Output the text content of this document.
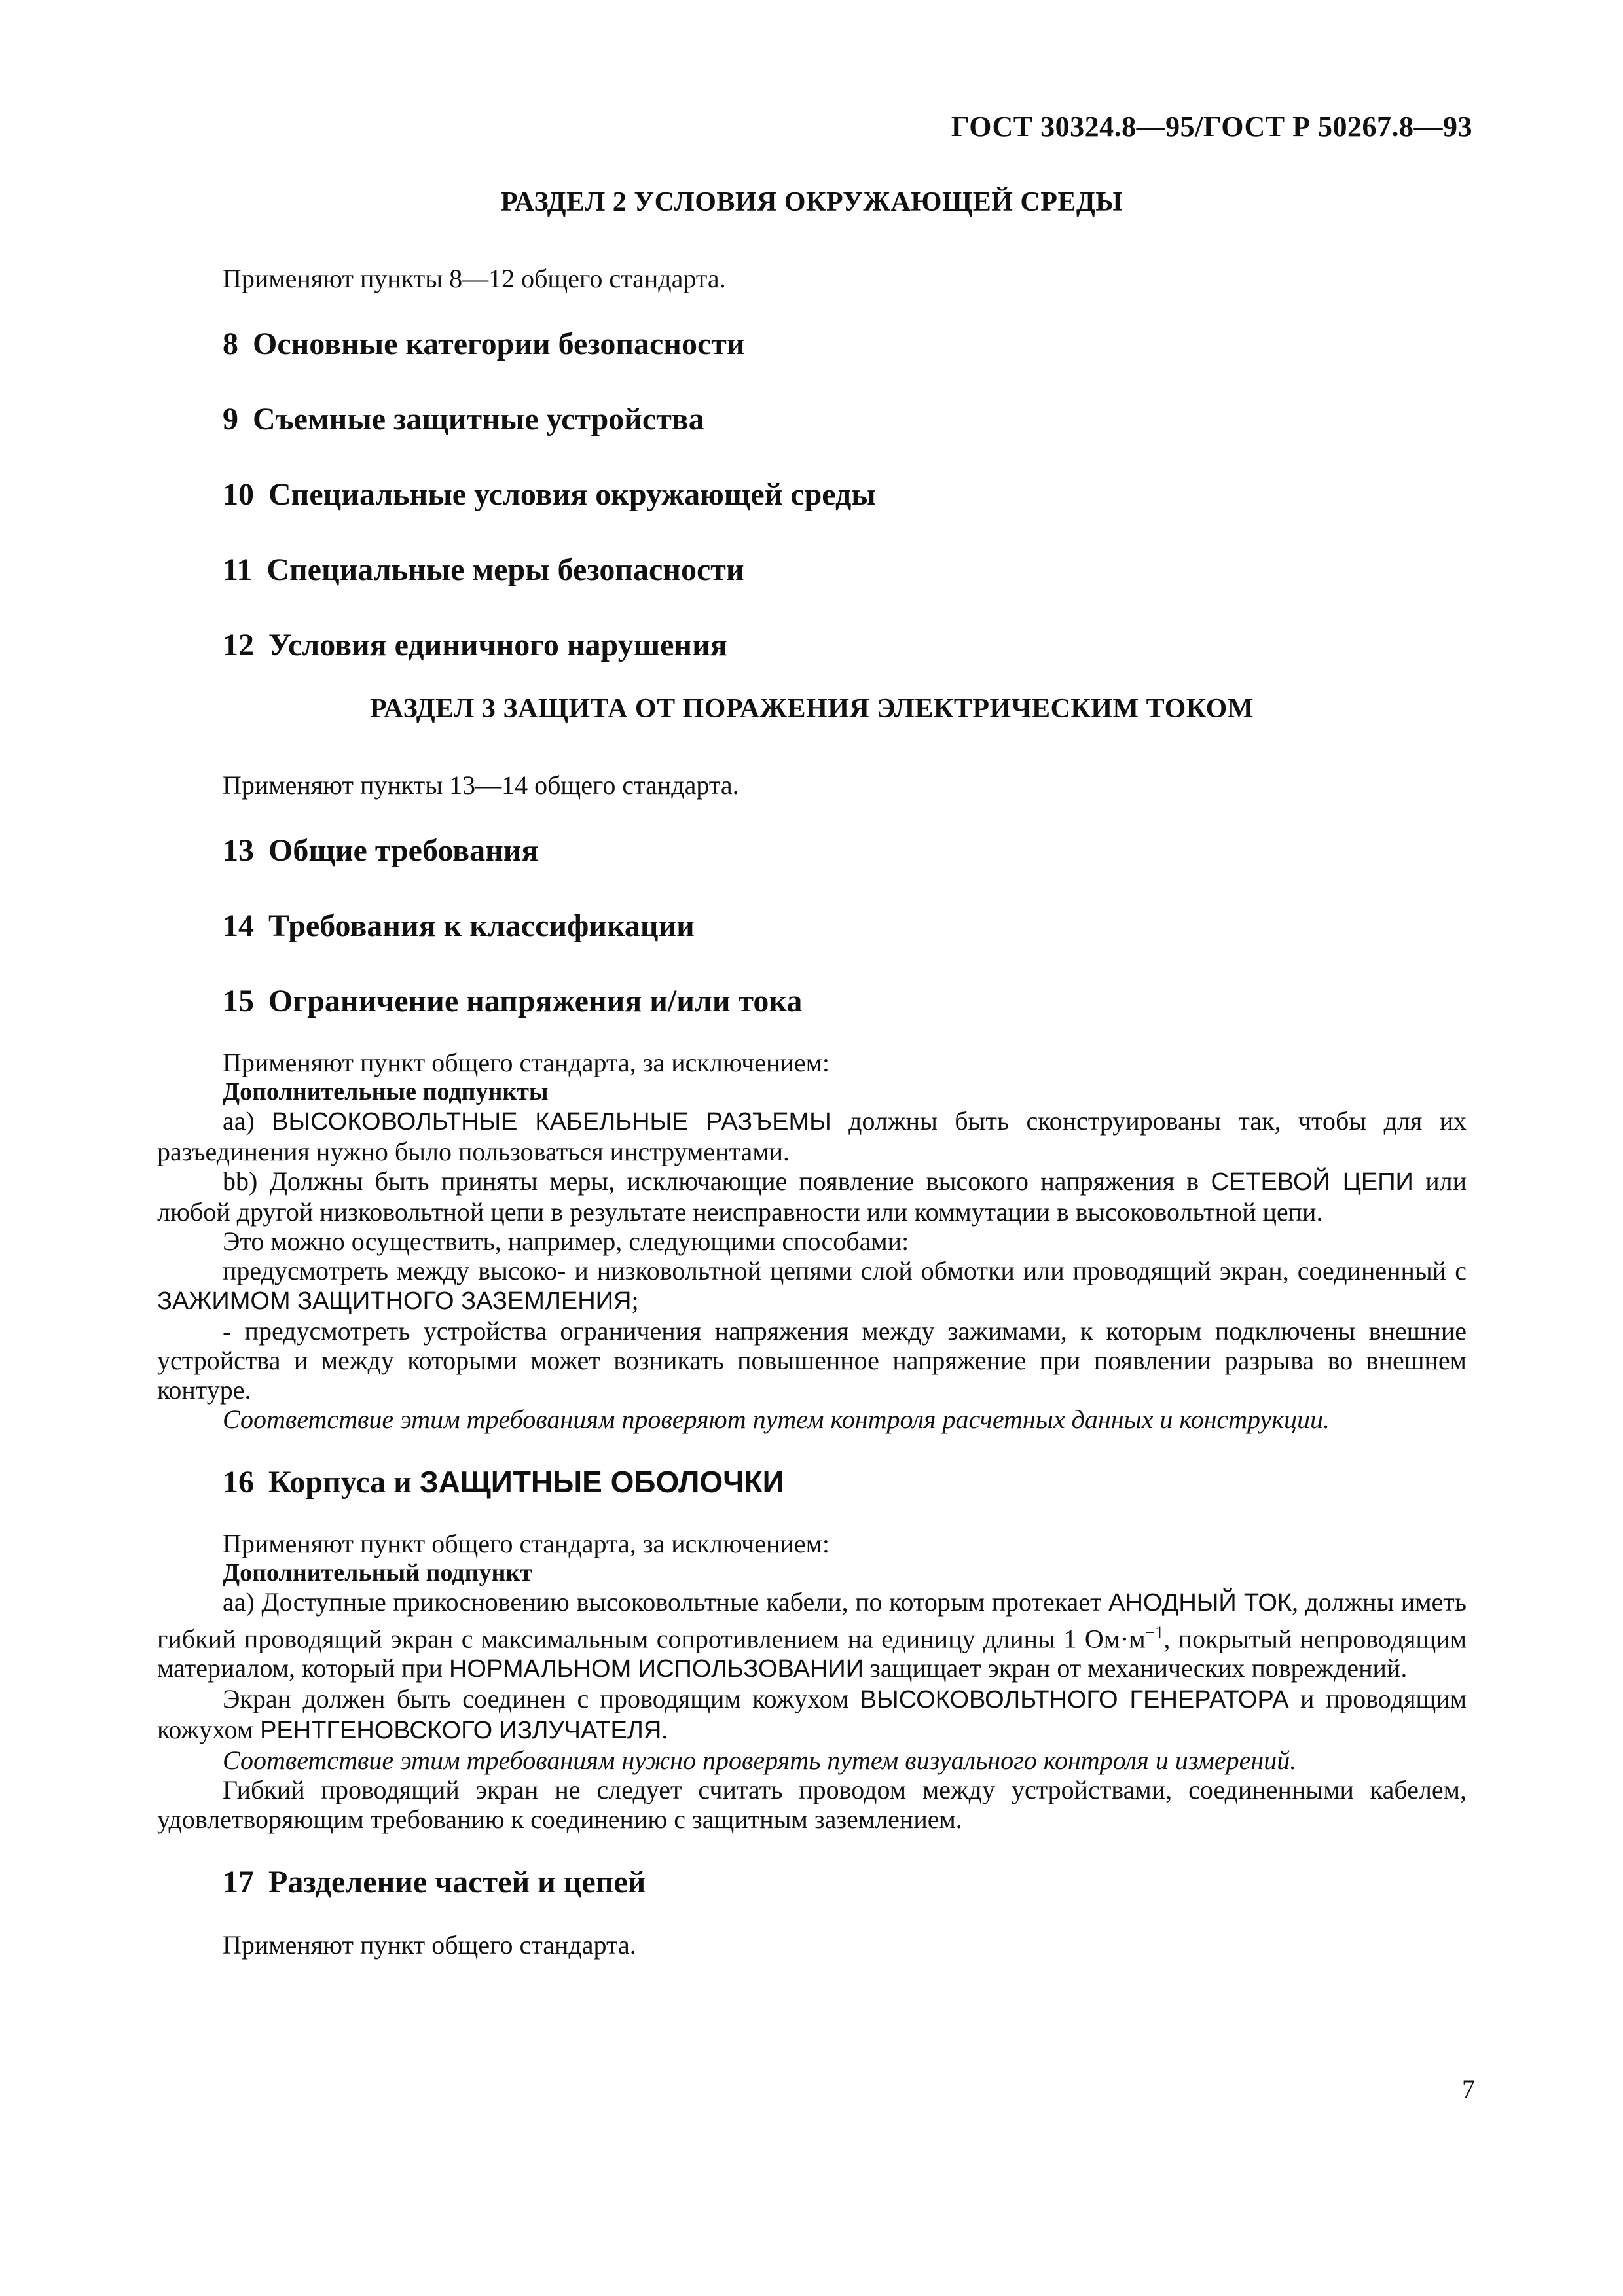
ГОСТ 30324.8—95/ГОСТ Р 50267.8—93
РАЗДЕЛ 2 УСЛОВИЯ ОКРУЖАЮЩЕЙ СРЕДЫ

Применяют пункты 8—12 общего стандарта.

8 Основные категории безопасности
9 Съемные защитные устройства
10 Специальные условия окружающей среды
11 Специальные меры безопасности
12 Условия единичного нарушения
РАЗДЕЛ 3 ЗАЩИТА ОТ ПОРАЖЕНИЯ ЭЛЕКТРИЧЕСКИМ ТОКОМ

Применяют пункты 13—14 общего стандарта.

13 Общие требования
14 Требования к классификации
15 Ограничение напряжения и/или тока

Применяют пункт общего стандарта, за исключением:

Дополнительные подпункты

аа) ВЫСОКОВОЛЬТНЫЕ КАБЕЛЬНЫЕ РАЗЪЕМЫ должны быть сконструированы так, чтобы для их разъединения нужно было пользоваться инструментами.

bb) Должны быть приняты меры, исключающие появление высокого напряжения в СЕТЕВОЙ ЦЕПИ или любой другой низковольтной цепи в результате неисправности или коммутации в высоковольтной цепи.

Это можно осуществить, например, следующими способами:

предусмотреть между высоко- и низковольтной цепями слой обмотки или проводящий экран, соединенный с ЗАЖИМОМ ЗАЩИТНОГО ЗАЗЕМЛЕНИЯ;

- предусмотреть устройства ограничения напряжения между зажимами, к которым подключены внешние устройства и между которыми может возникать повышенное напряжение при появлении разрыва во внешнем контуре.

Соответствие этим требованиям проверяют путем контроля расчетных данных и конструкции.

16 Корпуса и ЗАЩИТНЫЕ ОБОЛОЧКИ

Применяют пункт общего стандарта, за исключением:

Дополнительный подпункт

аа) Доступные прикосновению высоковольтные кабели, по которым протекает АНОДНЫЙ ТОК, должны иметь гибкий проводящий экран с максимальным сопротивлением на единицу длины 1 $Ом\cdot м^{-1}$, покрытый непроводящим материалом, который при НОРМАЛЬНОМ ИСПОЛЬЗОВАНИИ защищает экран от механических повреждений.

Экран должен быть соединен с проводящим кожухом ВЫСОКОВОЛЬТНОГО ГЕНЕРАТОРА и проводящим кожухом РЕНТГЕНОВСКОГО ИЗЛУЧАТЕЛЯ.

Соответствие этим требованиям нужно проверять путем визуального контроля и измерений.

Гибкий проводящий экран не следует считать проводом между устройствами, соединенными кабелем, удовлетворяющим требованию к соединению с защитным заземлением.

17 Разделение частей и цепей

Применяют пункт общего стандарта.

7
